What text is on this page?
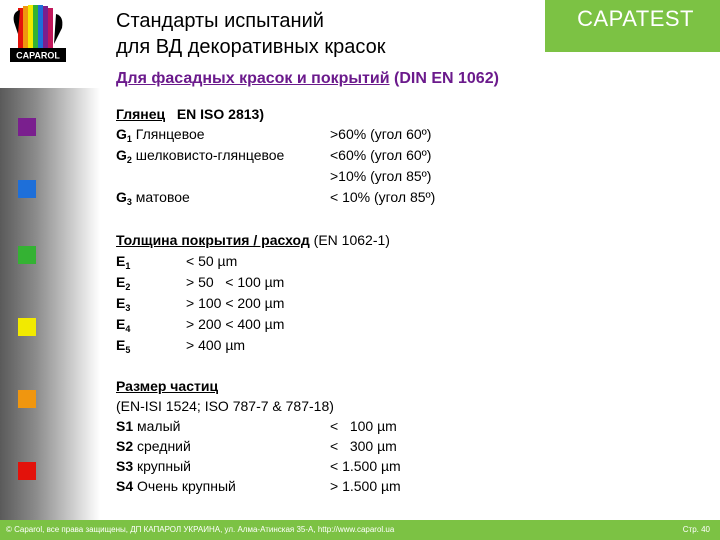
CAPAROL
Стандарты испытаний
для ВД декоративных красок
CAPATEST
Для фасадных красок и покрытий (DIN EN 1062)
Глянец EN ISO 2813)
$G_1$ Глянцевое	>60% (угол 60º)
$G_2$ шелковисто-глянцевое	<60% (угол 60º)
>10% (угол 85º)
$G_3$ матовое	< 10% (угол 85º)
Толщина покрытия / расход (EN 1062-1)
$E_1$	< 50 µm
$E_2$	> 50   < 100 µm
$E_3$	> 100 < 200 µm
$E_4$	> 200 < 400 µm
$E_5$	> 400 µm
Размер частиц
(EN-ISI 1524; ISO 787-7 & 787-18)
S1 малый	<   100 µm
S2 средний	<   300 µm
S3 крупный	< 1.500 µm
S4 Очень крупный	> 1.500 µm
© Caparol, все права защищены, ДП КАПАРОЛ УКРАИНА, ул. Алма-Атинская 35-А, http://www.caparol.ua	Стр. 40
